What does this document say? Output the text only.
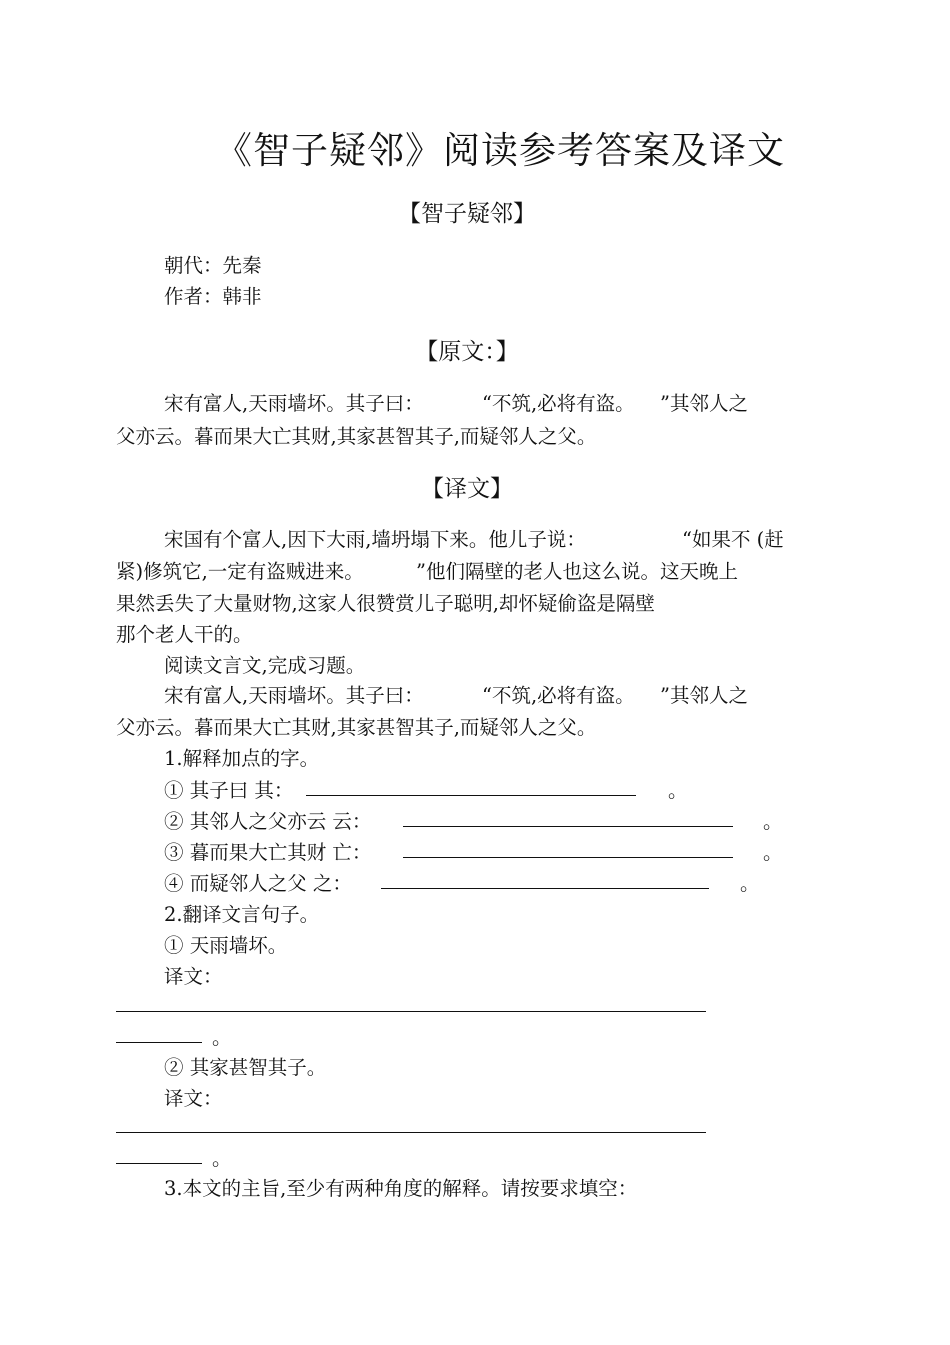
《智子疑邻》阅读参考答案及译文
【智子疑邻】
朝代：先秦
作者：韩非
【原文：】
宋有富人,天雨墙坏。其子曰：	“不筑,必将有盗。 ”其邻人之
父亦云。暮而果大亡其财,其家甚智其子,而疑邻人之父。
【译文】
宋国有个富人,因下大雨,墙坍塌下来。他儿子说：	“如果不 (赶
紧)修筑它,一定有盗贼进来。	”他们隔壁的老人也这么说。这天晚上
果然丢失了大量财物,这家人很赞赏儿子聪明,却怀疑偷盗是隔壁
那个老人干的。
阅读文言文,完成习题。
宋有富人,天雨墙坏。其子曰：	“不筑,必将有盗。 ”其邻人之
父亦云。暮而果大亡其财,其家甚智其子,而疑邻人之父。
1.解释加点的字。
① 其子曰 其：	。
② 其邻人之父亦云 云：	。
③ 暮而果大亡其财 亡：	。
④ 而疑邻人之父 之：	。
2.翻译文言句子。
① 天雨墙坏。
译文：
。
② 其家甚智其子。
译文：
。
3.本文的主旨,至少有两种角度的解释。请按要求填空：
